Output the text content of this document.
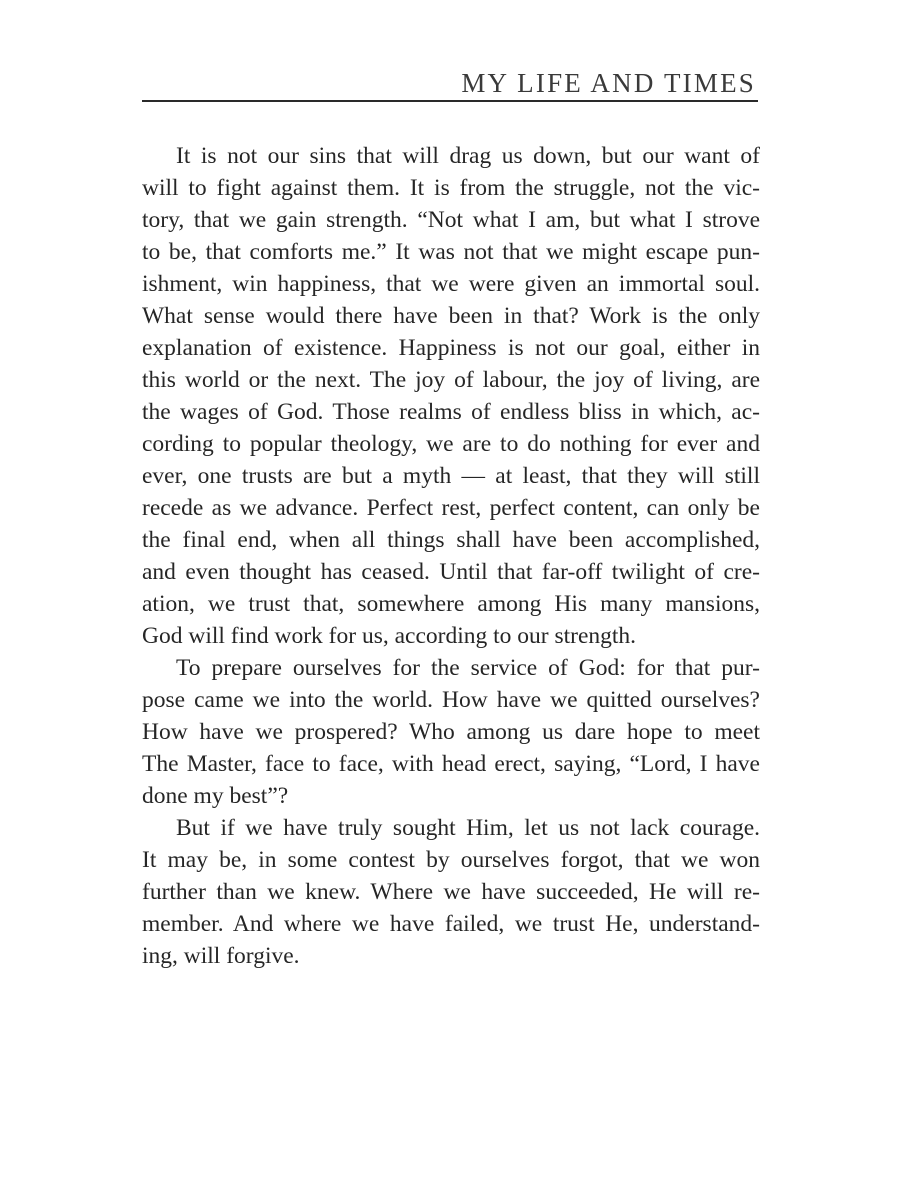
MY LIFE AND TIMES

It is not our sins that will drag us down, but our want of
will to fight against them. It is from the struggle, not the vic-
tory, that we gain strength. “Not what I am, but what I strove
to be, that comforts me.” It was not that we might escape pun-
ishment, win happiness, that we were given an immortal soul.
What sense would there have been in that? Work is the only
explanation of existence. Happiness is not our goal, either in
this world or the next. The joy of labour, the joy of living, are
the wages of God. Those realms of endless bliss in which, ac-
cording to popular theology, we are to do nothing for ever and
ever, one trusts are but a myth — at least, that they will still
recede as we advance. Perfect rest, perfect content, can only be
the final end, when all things shall have been accomplished,
and even thought has ceased. Until that far-off twilight of cre-
ation, we trust that, somewhere among His many mansions,
God will find work for us, according to our strength.

To prepare ourselves for the service of God: for that pur-
pose came we into the world. How have we quitted ourselves?
How have we prospered? Who among us dare hope to meet
The Master, face to face, with head erect, saying, “Lord, I have
done my best”?

But if we have truly sought Him, let us not lack courage.
It may be, in some contest by ourselves forgot, that we won
further than we knew. Where we have succeeded, He will re-
member. And where we have failed, we trust He, understand-
ing, will forgive.
